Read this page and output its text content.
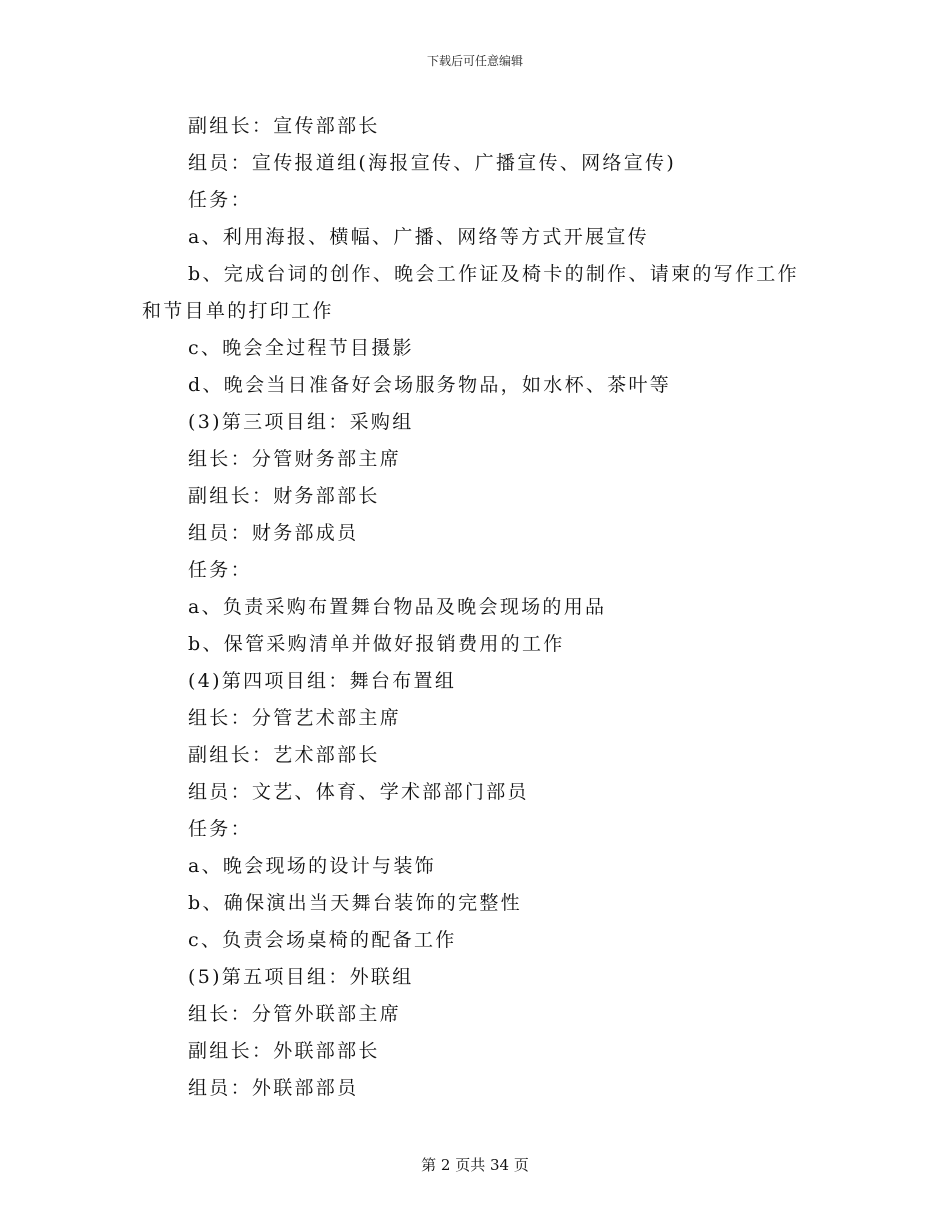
下载后可任意编辑
副组长：宣传部部长
组员：宣传报道组(海报宣传、广播宣传、网络宣传)
任务：
a、利用海报、横幅、广播、网络等方式开展宣传
b、完成台词的创作、晚会工作证及椅卡的制作、请柬的写作工作
和节目单的打印工作
c、晚会全过程节目摄影
d、晚会当日准备好会场服务物品，如水杯、茶叶等
(3)第三项目组：采购组
组长：分管财务部主席
副组长：财务部部长
组员：财务部成员
任务：
a、负责采购布置舞台物品及晚会现场的用品
b、保管采购清单并做好报销费用的工作
(4)第四项目组：舞台布置组
组长：分管艺术部主席
副组长：艺术部部长
组员：文艺、体育、学术部部门部员
任务：
a、晚会现场的设计与装饰
b、确保演出当天舞台装饰的完整性
c、负责会场桌椅的配备工作
(5)第五项目组：外联组
组长：分管外联部主席
副组长：外联部部长
组员：外联部部员
第 2 页共 34 页
